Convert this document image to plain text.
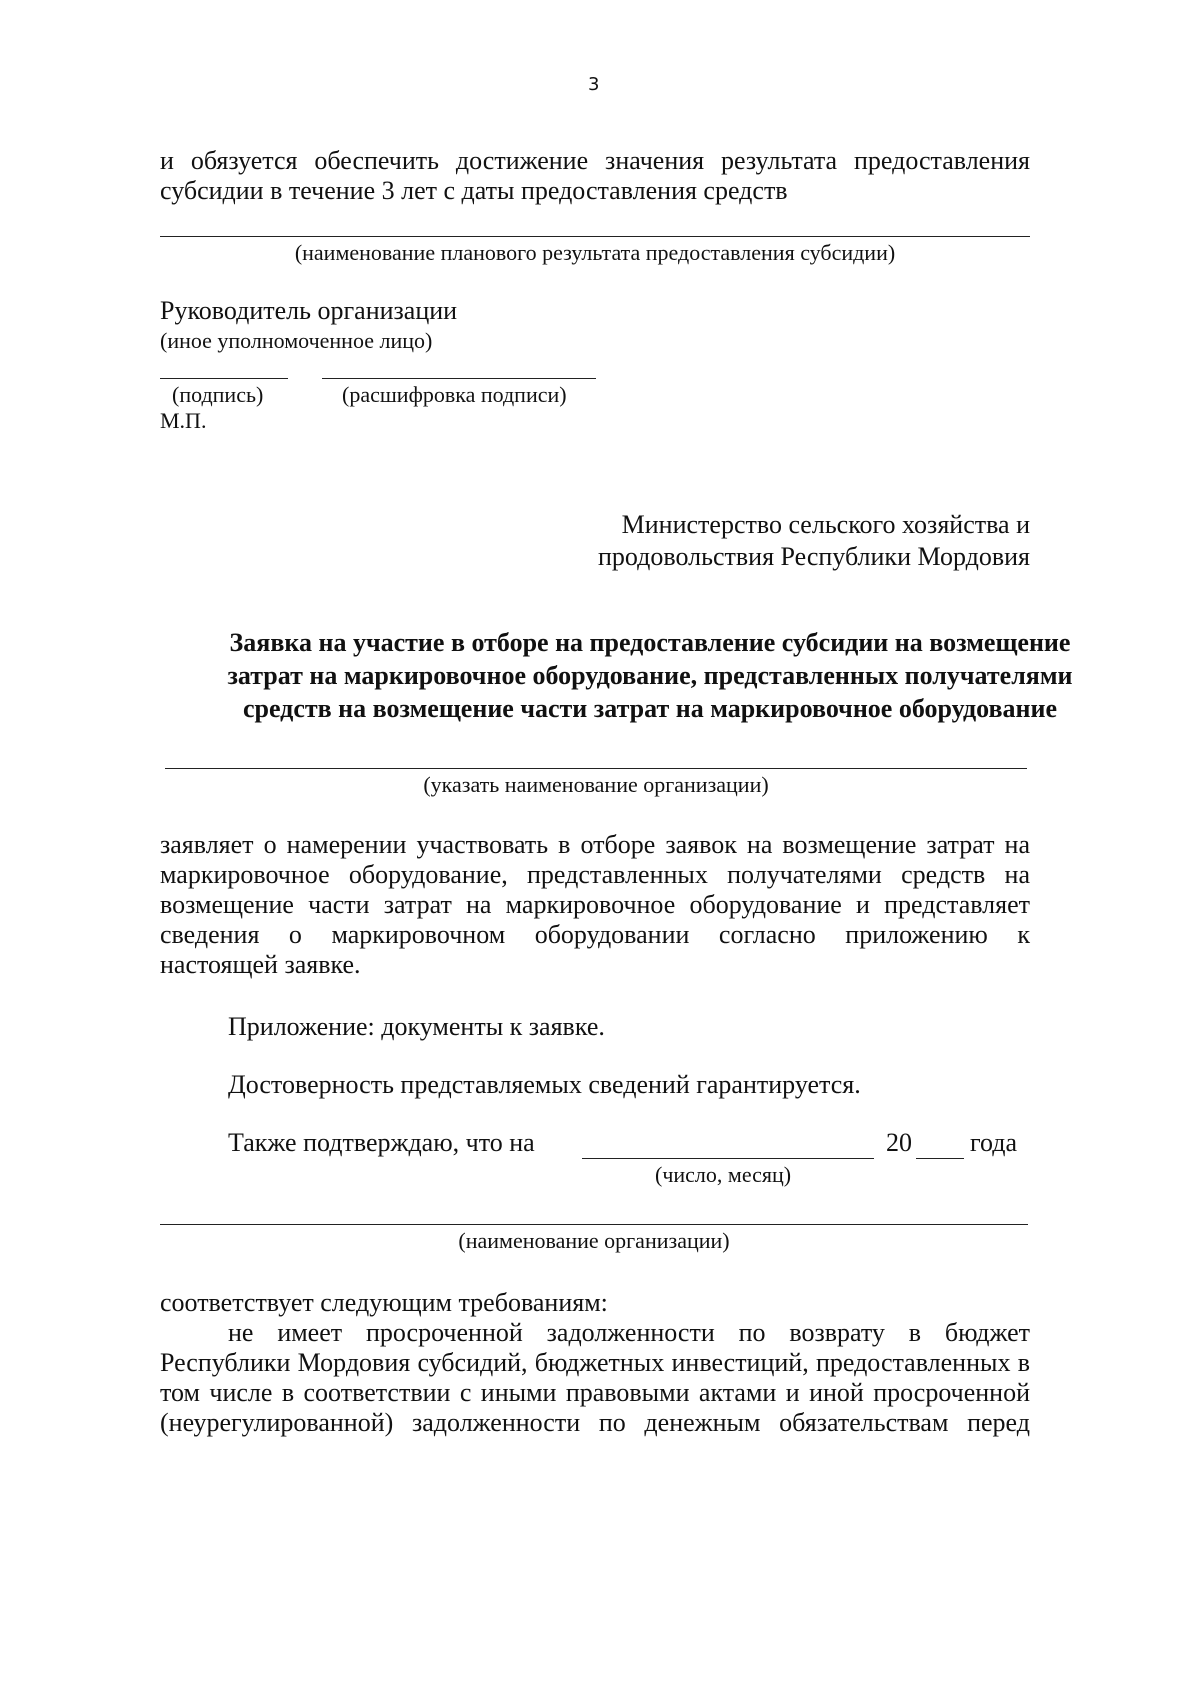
3
и обязуется обеспечить достижение значения результата предоставления
субсидии в течение 3 лет с даты предоставления средств
(наименование планового результата предоставления субсидии)
Руководитель организации
(иное уполномоченное лицо)
(подпись)	(расшифровка подписи)
М.П.
Министерство сельского хозяйства и
продовольствия Республики Мордовия
Заявка на участие в отборе на предоставление субсидии на возмещение
затрат на маркировочное оборудование, представленных получателями
средств на возмещение части затрат на маркировочное оборудование
(указать наименование организации)
заявляет о намерении участвовать в отборе заявок на возмещение затрат на
маркировочное оборудование, представленных получателями средств на
возмещение части затрат на маркировочное оборудование и представляет
сведения о маркировочном оборудовании согласно приложению к
настоящей заявке.
Приложение: документы к заявке.
Достоверность представляемых сведений гарантируется.
Также подтверждаю, что на	20 года
(число, месяц)
(наименование организации)
соответствует следующим требованиям:
не имеет просроченной задолженности по возврату в бюджет
Республики Мордовия субсидий, бюджетных инвестиций, предоставленных в
том числе в соответствии с иными правовыми актами и иной просроченной
(неурегулированной) задолженности по денежным обязательствам перед
